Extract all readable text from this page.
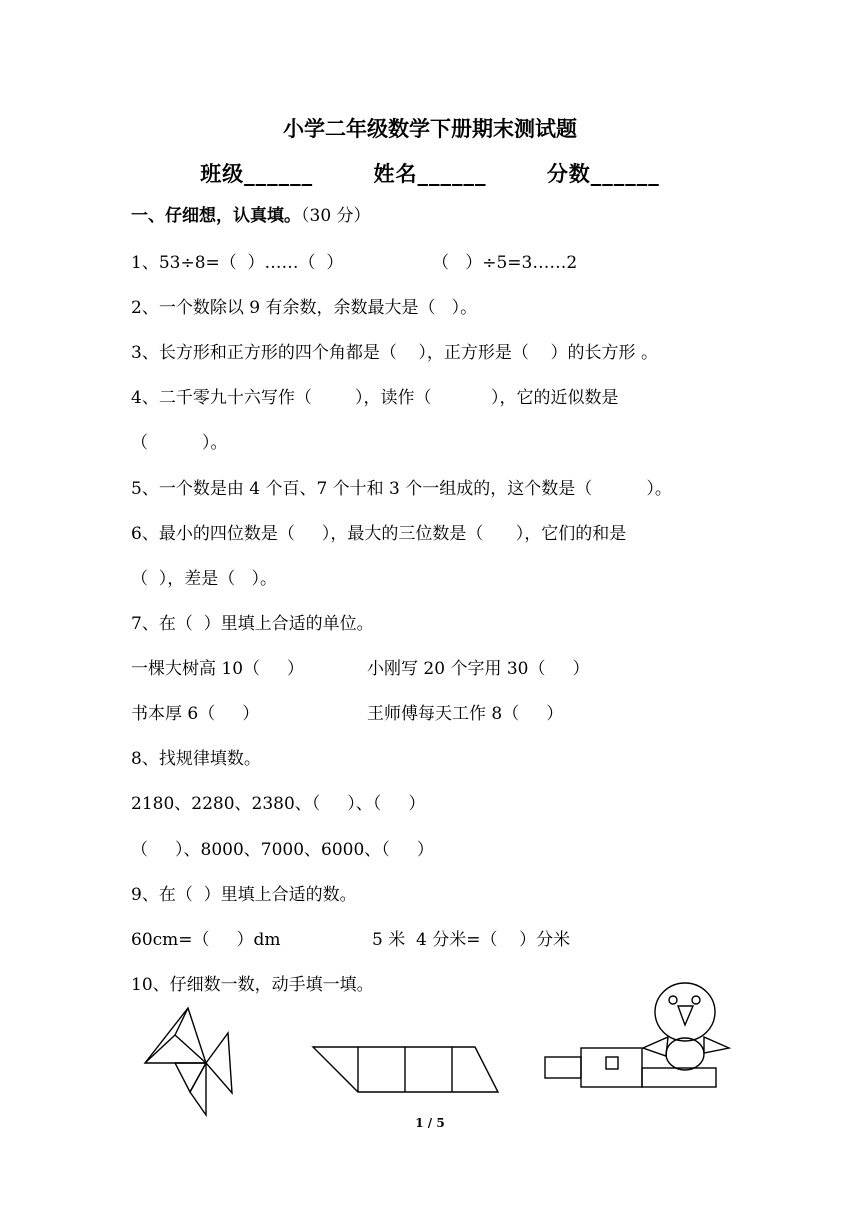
小学二年级数学下册期末测试题
班级______	姓名______	分数______
一、仔细想，认真填。（30 分）
1、53÷8=（  ）……（  ）	（   ）÷5=3……2
2、一个数除以 9 有余数，余数最大是（   ）。
3、长方形和正方形的四个角都是（    ），正方形是（    ）的长方形 。
4、二千零九十六写作（        ），读作（           ），它的近似数是
（          ）。
5、一个数是由 4 个百、7 个十和 3 个一组成的，这个数是（          ）。
6、最小的四位数是（     ），最大的三位数是（      ），它们的和是
（  ），差是（   ）。
7、在（  ）里填上合适的单位。
一棵大树高 10（     ）	小刚写 20 个字用 30（     ）
书本厚 6（     ）	王师傅每天工作 8（     ）
8、找规律填数。
2180、2280、2380、（     ）、（     ）
（     ）、8000、7000、6000、（     ）
9、在（  ）里填上合适的数。
60cm=（     ）dm	5 米  4 分米=（    ）分米
10、仔细数一数，动手填一填。
1 / 5
